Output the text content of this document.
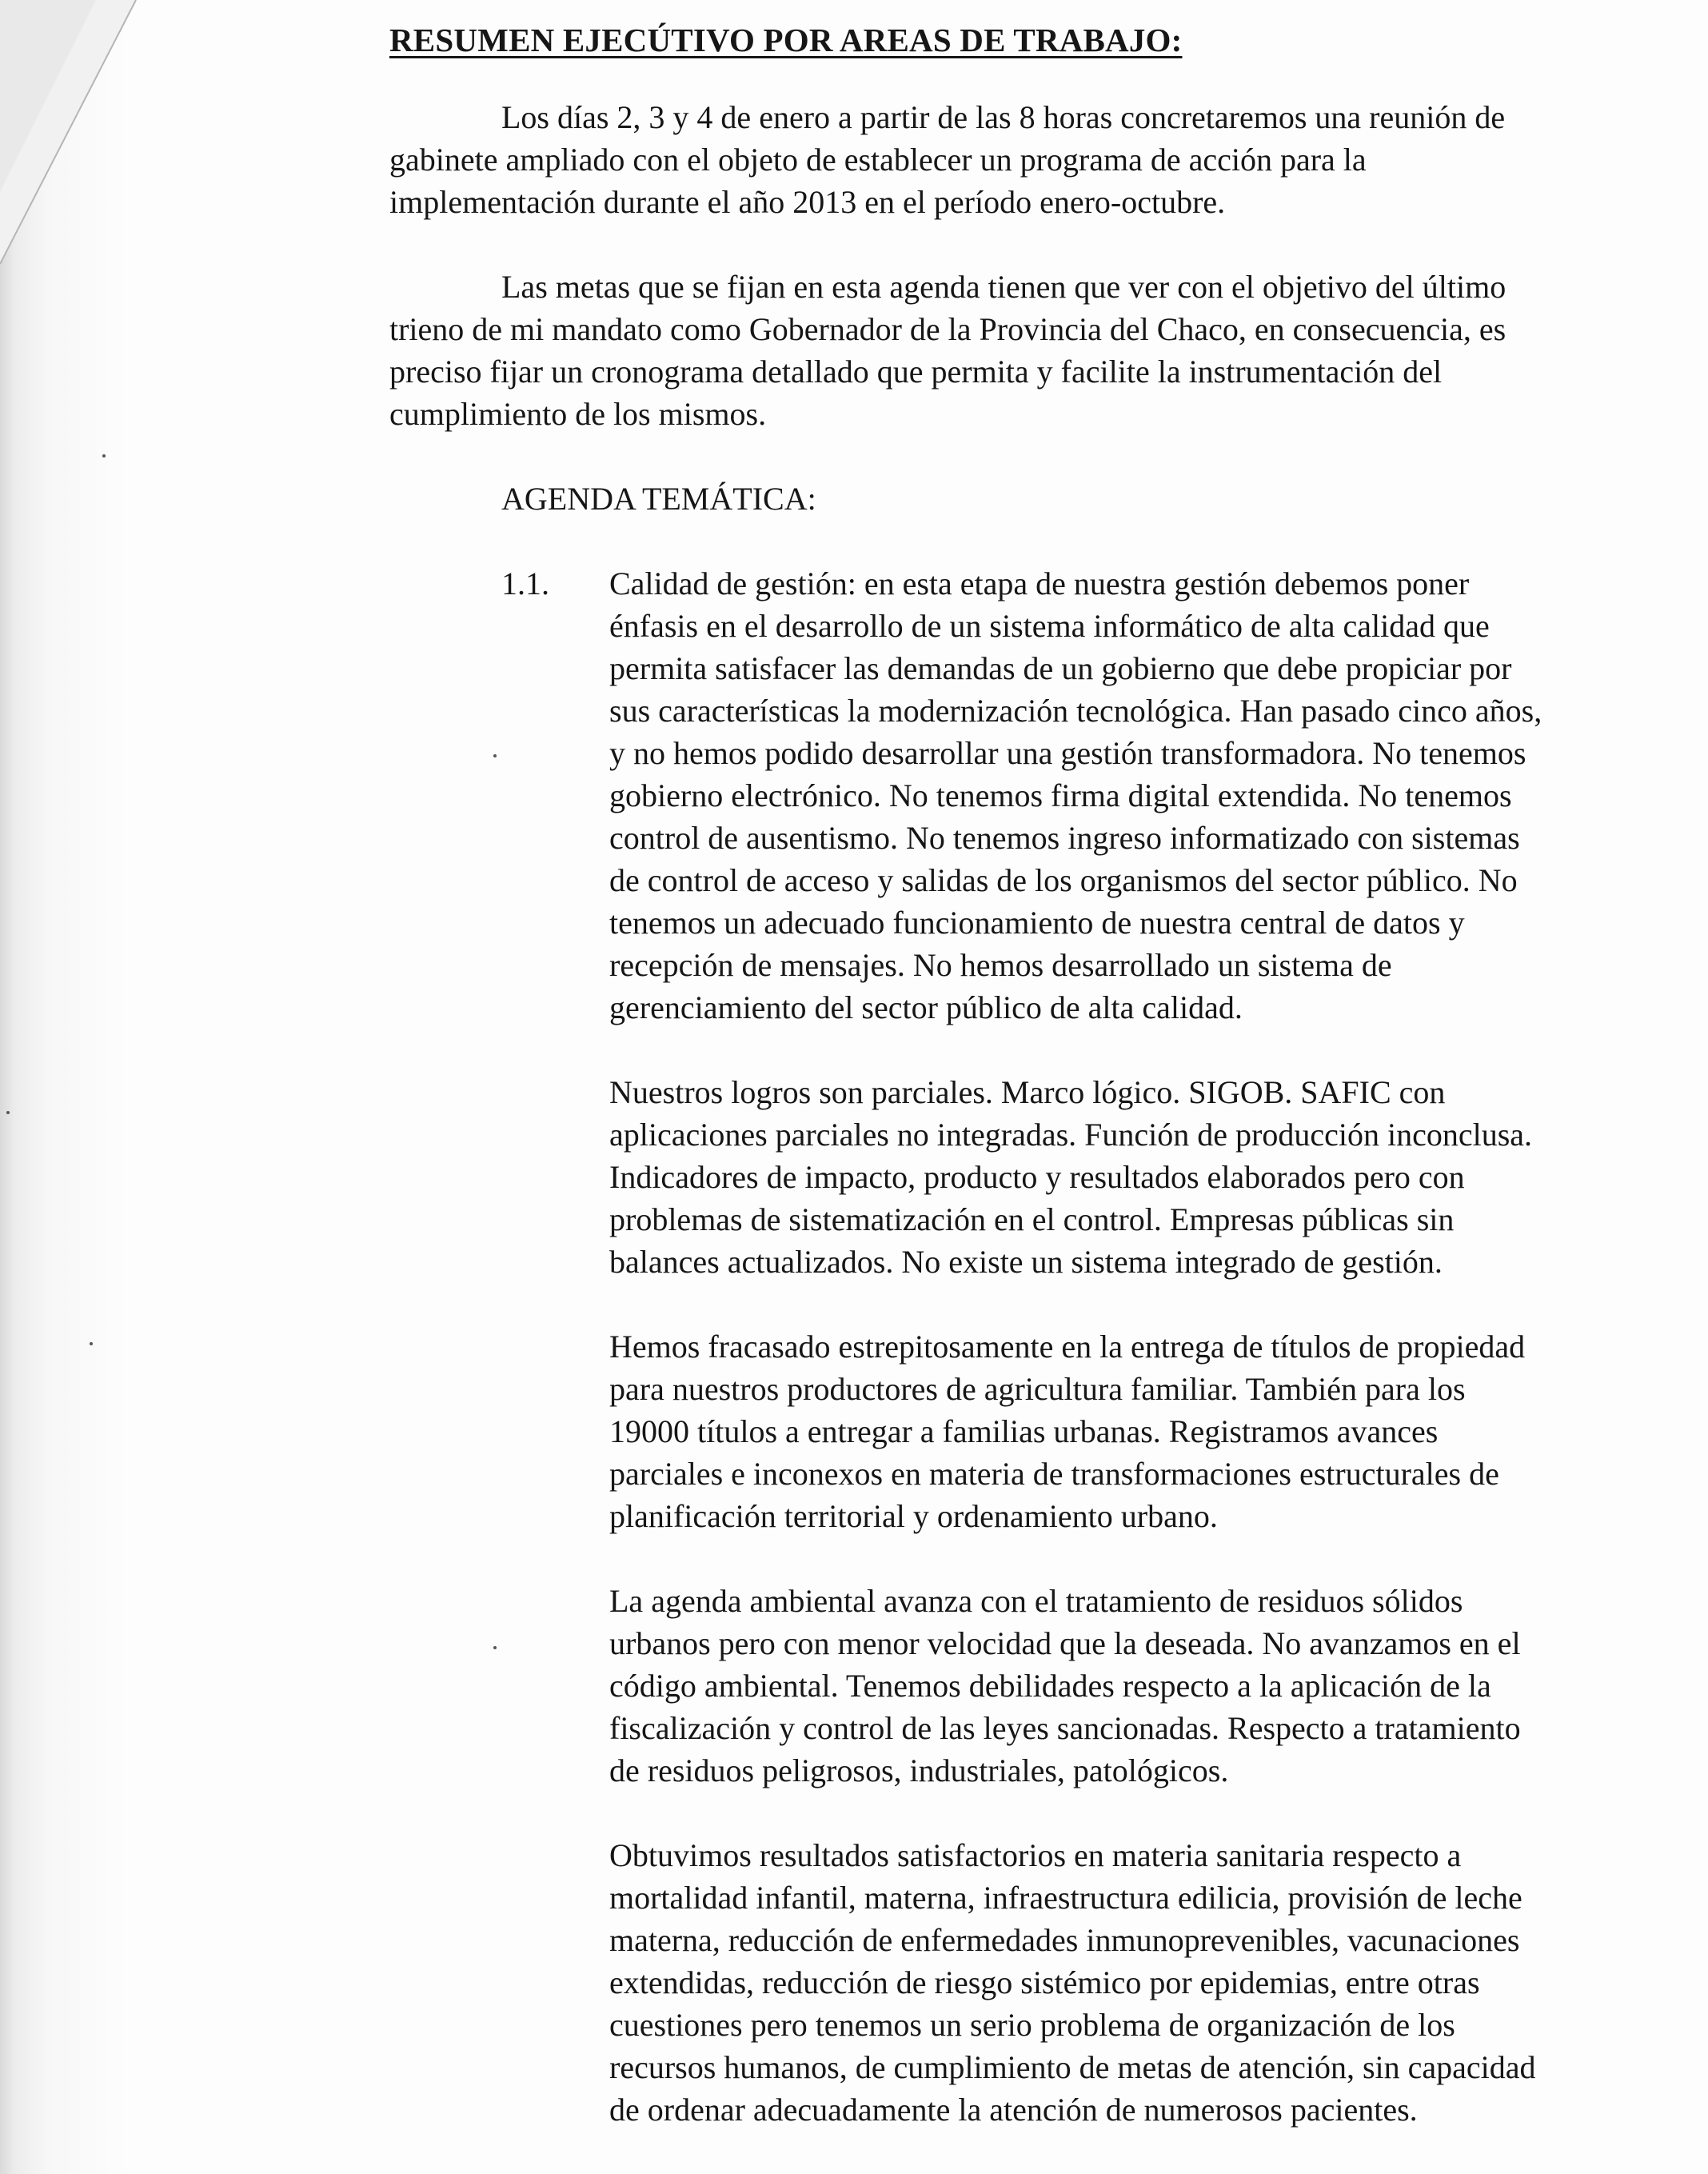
RESUMEN EJECÚTIVO POR AREAS DE TRABAJO:

Los días 2, 3 y 4 de enero a partir de las 8 horas concretaremos una reunión de
gabinete ampliado con el objeto de establecer un programa de acción para la
implementación durante el año 2013 en el período enero-octubre.

Las metas que se fijan en esta agenda tienen que ver con el objetivo del último
trieno de mi mandato como Gobernador de la Provincia del Chaco, en consecuencia, es
preciso fijar un cronograma detallado que permita y facilite la instrumentación del
cumplimiento de los mismos.

AGENDA TEMÁTICA:

1.1.	Calidad de gestión: en esta etapa de nuestra gestión debemos poner
énfasis en el desarrollo de un sistema informático de alta calidad que
permita satisfacer las demandas de un gobierno que debe propiciar por
sus características la modernización tecnológica. Han pasado cinco años,
y no hemos podido desarrollar una gestión transformadora. No tenemos
gobierno electrónico. No tenemos firma digital extendida. No tenemos
control de ausentismo. No tenemos ingreso informatizado con sistemas
de control de acceso y salidas de los organismos del sector público. No
tenemos un adecuado funcionamiento de nuestra central de datos y
recepción de mensajes. No hemos desarrollado un sistema de
gerenciamiento del sector público de alta calidad.

Nuestros logros son parciales. Marco lógico. SIGOB. SAFIC con
aplicaciones parciales no integradas. Función de producción inconclusa.
Indicadores de impacto, producto y resultados elaborados pero con
problemas de sistematización en el control. Empresas públicas sin
balances actualizados. No existe un sistema integrado de gestión.

Hemos fracasado estrepitosamente en la entrega de títulos de propiedad
para nuestros productores de agricultura familiar. También para los
19000 títulos a entregar a familias urbanas. Registramos avances
parciales e inconexos en materia de transformaciones estructurales de
planificación territorial y ordenamiento urbano.

La agenda ambiental avanza con el tratamiento de residuos sólidos
urbanos pero con menor velocidad que la deseada. No avanzamos en el
código ambiental. Tenemos debilidades respecto a la aplicación de la
fiscalización y control de las leyes sancionadas. Respecto a tratamiento
de residuos peligrosos, industriales, patológicos.

Obtuvimos resultados satisfactorios en materia sanitaria respecto a
mortalidad infantil, materna, infraestructura edilicia, provisión de leche
materna, reducción de enfermedades inmunoprevenibles, vacunaciones
extendidas, reducción de riesgo sistémico por epidemias, entre otras
cuestiones pero tenemos un serio problema de organización de los
recursos humanos, de cumplimiento de metas de atención, sin capacidad
de ordenar adecuadamente la atención de numerosos pacientes.
